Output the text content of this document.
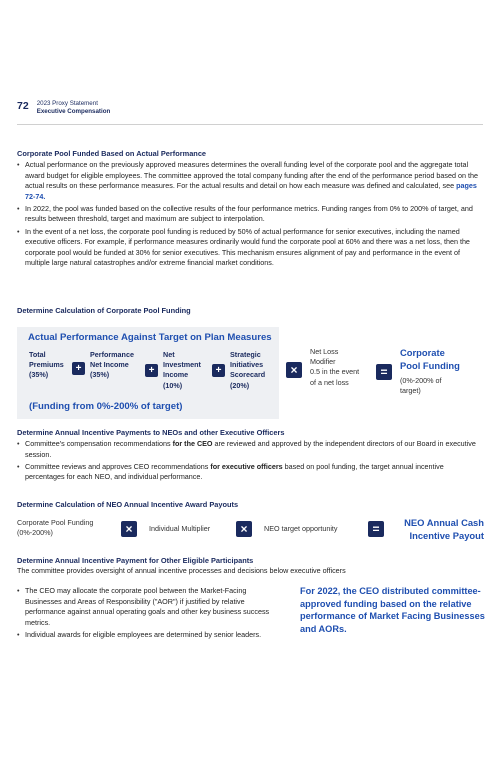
72 2023 Proxy Statement
Executive Compensation
Corporate Pool Funded Based on Actual Performance
• Actual performance on the previously approved measures determines the overall funding level of the corporate pool and the aggregate total award budget for eligible employees. The committee approved the total company funding after the end of the performance period based on the actual results on these performance measures. For the actual results and detail on how each measure was defined and calculated, see pages 72-74.
• In 2022, the pool was funded based on the collective results of the four performance metrics. Funding ranges from 0% to 200% of target, and results between threshold, target and maximum are subject to interpolation.
• In the event of a net loss, the corporate pool funding is reduced by 50% of actual performance for senior executives, including the named executive officers. For example, if performance measures ordinarily would fund the corporate pool at 60% and there was a net loss, then the corporate pool would be funded at 30% for senior executives. This mechanism ensures alignment of pay and performance in the event of multiple large natural catastrophes and/or extreme financial market conditions.
Determine Calculation of Corporate Pool Funding
Actual Performance Against Target on Plan Measures
Total
Premiums
(35%)
+
Performance
Net Income
(35%)	+
Net
Investment
Income
(10%)
+
Strategic
Initiatives
Scorecard
(20%)
(Funding from 0%-200% of target)
×
Net Loss
Modifier
0.5 in the event
of a net loss
=
Corporate
Pool Funding
(0%-200% of
target)
Determine Annual Incentive Payments to NEOs and other Executive Officers
• Committee's compensation recommendations for the CEO are reviewed and approved by the independent directors of our Board in executive session.
• Committee reviews and approves CEO recommendations for executive officers based on pool funding, the target annual incentive percentages for each NEO, and individual performance.
Determine Calculation of NEO Annual Incentive Award Payouts
Corporate Pool Funding
(0%-200%)	×	Individual Multiplier	×	NEO target opportunity	=	NEO Annual Cash
Incentive Payout
Determine Annual Incentive Payment for Other Eligible Participants
The committee provides oversight of annual incentive processes and decisions below executive officers
• The CEO may allocate the corporate pool between the Market-Facing Businesses and Areas of Responsibility ("AOR") if justified by relative performance against annual operating goals and other key business success metrics.
• Individual awards for eligible employees are determined by senior leaders.
For 2022, the CEO distributed committee-approved funding based on the relative performance of Market Facing Businesses and AORs.
